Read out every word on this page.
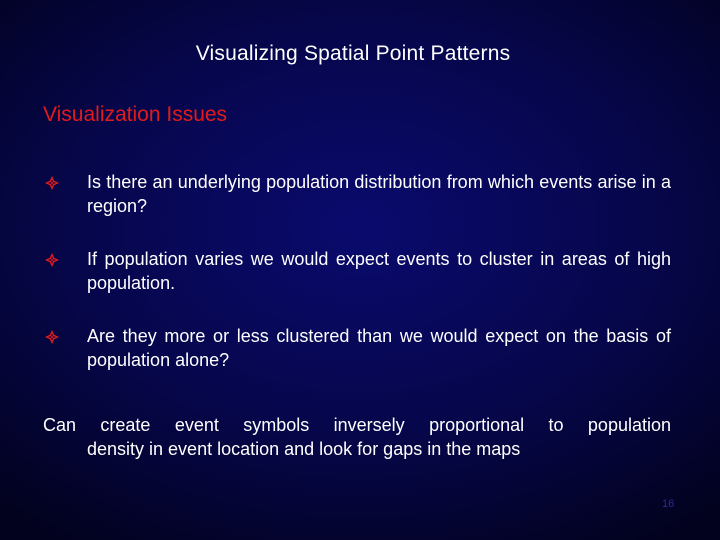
Visualizing Spatial Point Patterns
Visualization Issues
Is there an underlying population distribution from which events arise in a region?
If population varies we would expect events to cluster in areas of high population.
Are they more or less clustered than we would expect on the basis of population alone?
Can create event symbols inversely proportional to population
density in event location and look for gaps in the maps
16
